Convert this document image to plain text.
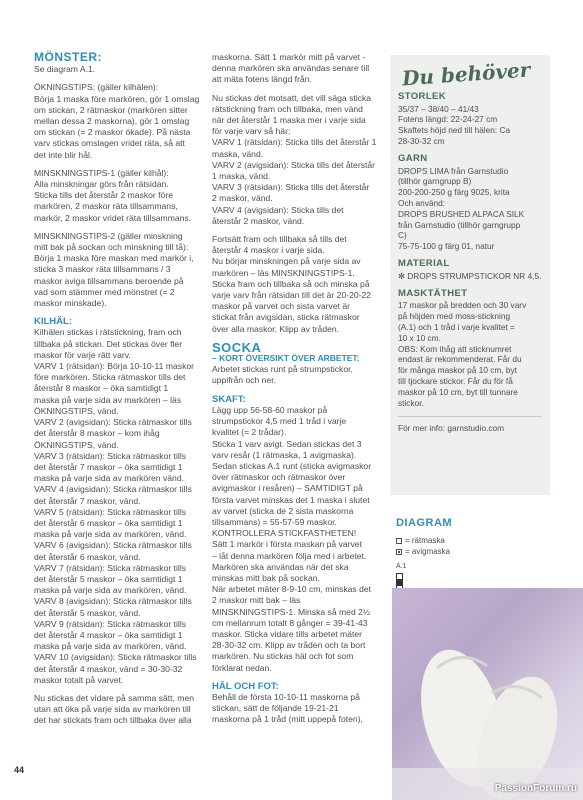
MÖNSTER:

Se diagram A.1.

ÖKNINGSTIPS: (gäller kilhälen):
Börja 1 maska före markören, gör 1 omslag
om stickan, 2 rätmaskor (markören sitter
mellan dessa 2 maskorna), gör 1 omslag
om stickan (= 2 maskor ökade). På nästa
varv stickas omslagen vridet räta, så att
det inte blir hål.

MINSKNINGSTIPS-1 (gäller kilhål):
Alla minskningar görs från rätsidan.
Sticka tills det återstår 2 maskor före
markören, 2 maskor räta tillsammans,
markör, 2 maskor vridet räta tillsammans.

MINSKNINGSTIPS-2 (gäller minskning
mitt bak på sockan och minskning till tå):
Börja 1 maska före maskan med markör i,
sticka 3 maskor räta tillsammans / 3
maskor aviga tillsammans beroende på
vad som stämmer med mönstret (= 2
maskor minskade).

KILHÄL:

Kilhälen stickas i rätstickning, fram och
tillbaka på stickan. Det stickas över fler
maskor för varje rätt varv.
VARV 1 (rätsidan): Börja 10-10-11 maskor
före markören. Sticka rätmaskor tills det
återstår 8 maskor – öka samtidigt 1
maska på varje sida av markören – läs
ÖKNINGSTIPS, vänd.
VARV 2 (avigsidan): Sticka rätmaskor tills
det återstår 8 maskor – kom ihåg
ÖKNINGSTIPS, vänd.
VARV 3 (rätsidan): Sticka rätmaskor tills
det återstår 7 maskor – öka samtidigt 1
maska på varje sida av markören vänd.
VARV 4 (avigsidan): Sticka rätmaskor tills
det återstår 7 maskor, vänd.
VARV 5 (rätsidan): Sticka rätmaskor tills
det återstår 6 maskor – öka samtidigt 1
maska på varje sida av markören, vänd.
VARV 6 (avigsidan): Sticka rätmaskor tills
det återstår 6 maskor, vänd.
VARV 7 (rätsidan): Sticka rätmaskor tills
det återstår 5 maskor – öka samtidigt 1
maska på varje sida av markören, vänd.
VARV 8 (avigsidan): Sticka rätmaskor tills
det återstår 5 maskor, vänd.
VARV 9 (rätsidan): Sticka rätmaskor tills
det återstår 4 maskor – öka samtidigt 1
maska på varje sida av markören, vänd.
VARV 10 (avigsidan): Sticka rätmaskor tills
det återstår 4 maskor, vänd = 30-30-32
maskor totalt på varvet.

Nu stickas det vidare på samma sätt, men
utan att öka på varje sida av markören till
det har stickats fram och tillbaka över alla

maskorna. Sätt 1 markör mitt på varvet -
denna markören ska användas senare till
att mäta fotens längd från.

Nu stickas det motsatt, det vill säga sticka
rätstickning fram och tillbaka, men vänd
när det återstår 1 maska mer i varje sida
för varje varv så här:
VARV 1 (rätsidan): Sticka tills det återstår 1
maska, vänd.
VARV 2 (avigsidan): Sticka tills det återstår
1 maska, vänd.
VARV 3 (rätsidan): Sticka tills det återstår
2 maskor, vänd.
VARV 4 (avigsidan): Sticka tills det
återstår 2 maskor, vänd.

Fortsätt fram och tillbaka så tills det
återstår 4 maskor i varje sida.
Nu börjar minskningen på varje sida av
markören – läs MINSKNINGSTIPS-1.
Sticka fram och tillbaka så och minska på
varje varv från rätsidan till det är 20-20-22
maskor på varvet och sista varvet är
stickat från avigsidan, sticka rätmaskor
över alla maskor. Klipp av tråden.

SOCKA
– KORT ÖVERSIKT ÖVER ARBETET:

Arbetet stickas runt på strumpstickor,
uppifrån och ner.

SKAFT:

Lägg upp 56-58-60 maskor på
strumpstickor 4,5 med 1 tråd i varje
kvalitet (= 2 trådar).
Sticka 1 varv avigt. Sedan stickas det 3
varv resår (1 rätmaska, 1 avigmaska).
Sedan stickas A.1 runt (sticka avigmaskor
över rätmaskor och rätmaskor över
avigmaskor i resåren) – SAMTIDIGT på
första varvet minskas det 1 maska i slutet
av varvet (sticka de 2 sista maskorna
tillsammans) = 55-57-59 maskor.
KONTROLLERA STICKFASTHETEN!
Sätt 1 markör i första maskan på varvet
– låt denna markören följa med i arbetet.
Markören ska användas när det ska
minskas mitt bak på sockan.
När arbetet mäter 8-9-10 cm, minskas det
2 maskor mitt bak – läs
MINSKNINGSTIPS-1. Minska så med 2½
cm mellanrum totalt 8 gånger = 39-41-43
maskor. Sticka vidare tills arbetet mäter
28-30-32 cm. Klipp av tråden och ta bort
markören. Nu stickas häl och fot som
förklarat nedan.

HÄL OCH FOT:

Behåll de första 10-10-11 maskorna på
stickan, sätt de följande 19-21-21
maskorna på 1 tråd (mitt uppepå foten),

Du behöver
STORLEK

35/37 – 38/40 – 41/43
Fotens längd: 22-24-27 cm
Skaftets höjd ned till hälen: Ca
28-30-32 cm

GARN

DROPS LIMA från Garnstudio
(tillhör garngrupp B)
200-200-250 g färg 9025, krita
Och använd:
DROPS BRUSHED ALPACA SILK
från Garnstudio (tillhör garngrupp
C)
75-75-100 g färg 01, natur

MATERIAL

✻ DROPS STRUMPSTICKOR NR 4,5.

MASKTÄTHET

17 maskor på bredden och 30 varv
på höjden med moss-stickning
(A.1) och 1 tråd i varje kvalitet =
10 x 10 cm.
OBS: Kom ihåg att sticknumret
endast är rekommenderat. Får du
för många maskor på 10 cm, byt
till tjockare stickor. Får du för få
maskor på 10 cm, byt till tunnare
stickor.

För mer info: garnstudio.com

DIAGRAM
= rätmaska
= avigmaska
A.1
44
PassionForum.ru
